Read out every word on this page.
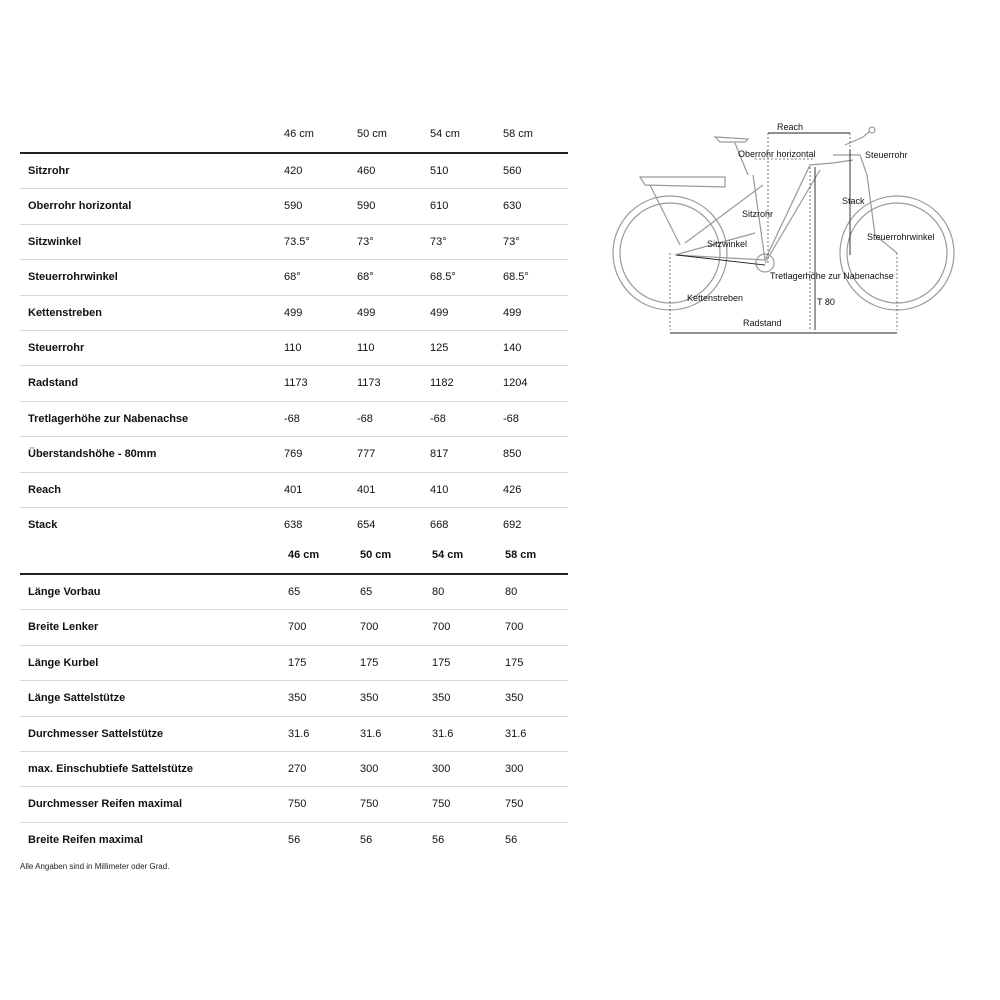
46 cm	50 cm	54 cm	58 cm
Sitzrohr	420	460	510	560
Oberrohr horizontal	590	590	610	630
Sitzwinkel	73.5°	73°	73°	73°
Steuerrohrwinkel	68°	68°	68.5°	68.5°
Kettenstreben	499	499	499	499
Steuerrohr	110	110	125	140
Radstand	1173	1173	1182	1204
Tretlagerhöhe zur Nabenachse	-68	-68	-68	-68
Überstandshöhe - 80mm	769	777	817	850
Reach	401	401	410	426
Stack	638	654	668	692
46 cm	50 cm	54 cm	58 cm
Länge Vorbau	65	65	80	80
Breite Lenker	700	700	700	700
Länge Kurbel	175	175	175	175
Länge Sattelstütze	350	350	350	350
Durchmesser Sattelstütze	31.6	31.6	31.6	31.6
max. Einschubtiefe Sattelstütze	270	300	300	300
Durchmesser Reifen maximal	750	750	750	750
Breite Reifen maximal	56	56	56	56
Alle Angaben sind in Millimeter oder Grad.
Reach
Oberrohr horizontal	Steuerrohr
Stack
Sitzrohr
Steuerrohrwinkel
Sitzwinkel
Tretlagerhöhe zur Nabenachse
Kettenstreben	T 80
Radstand
